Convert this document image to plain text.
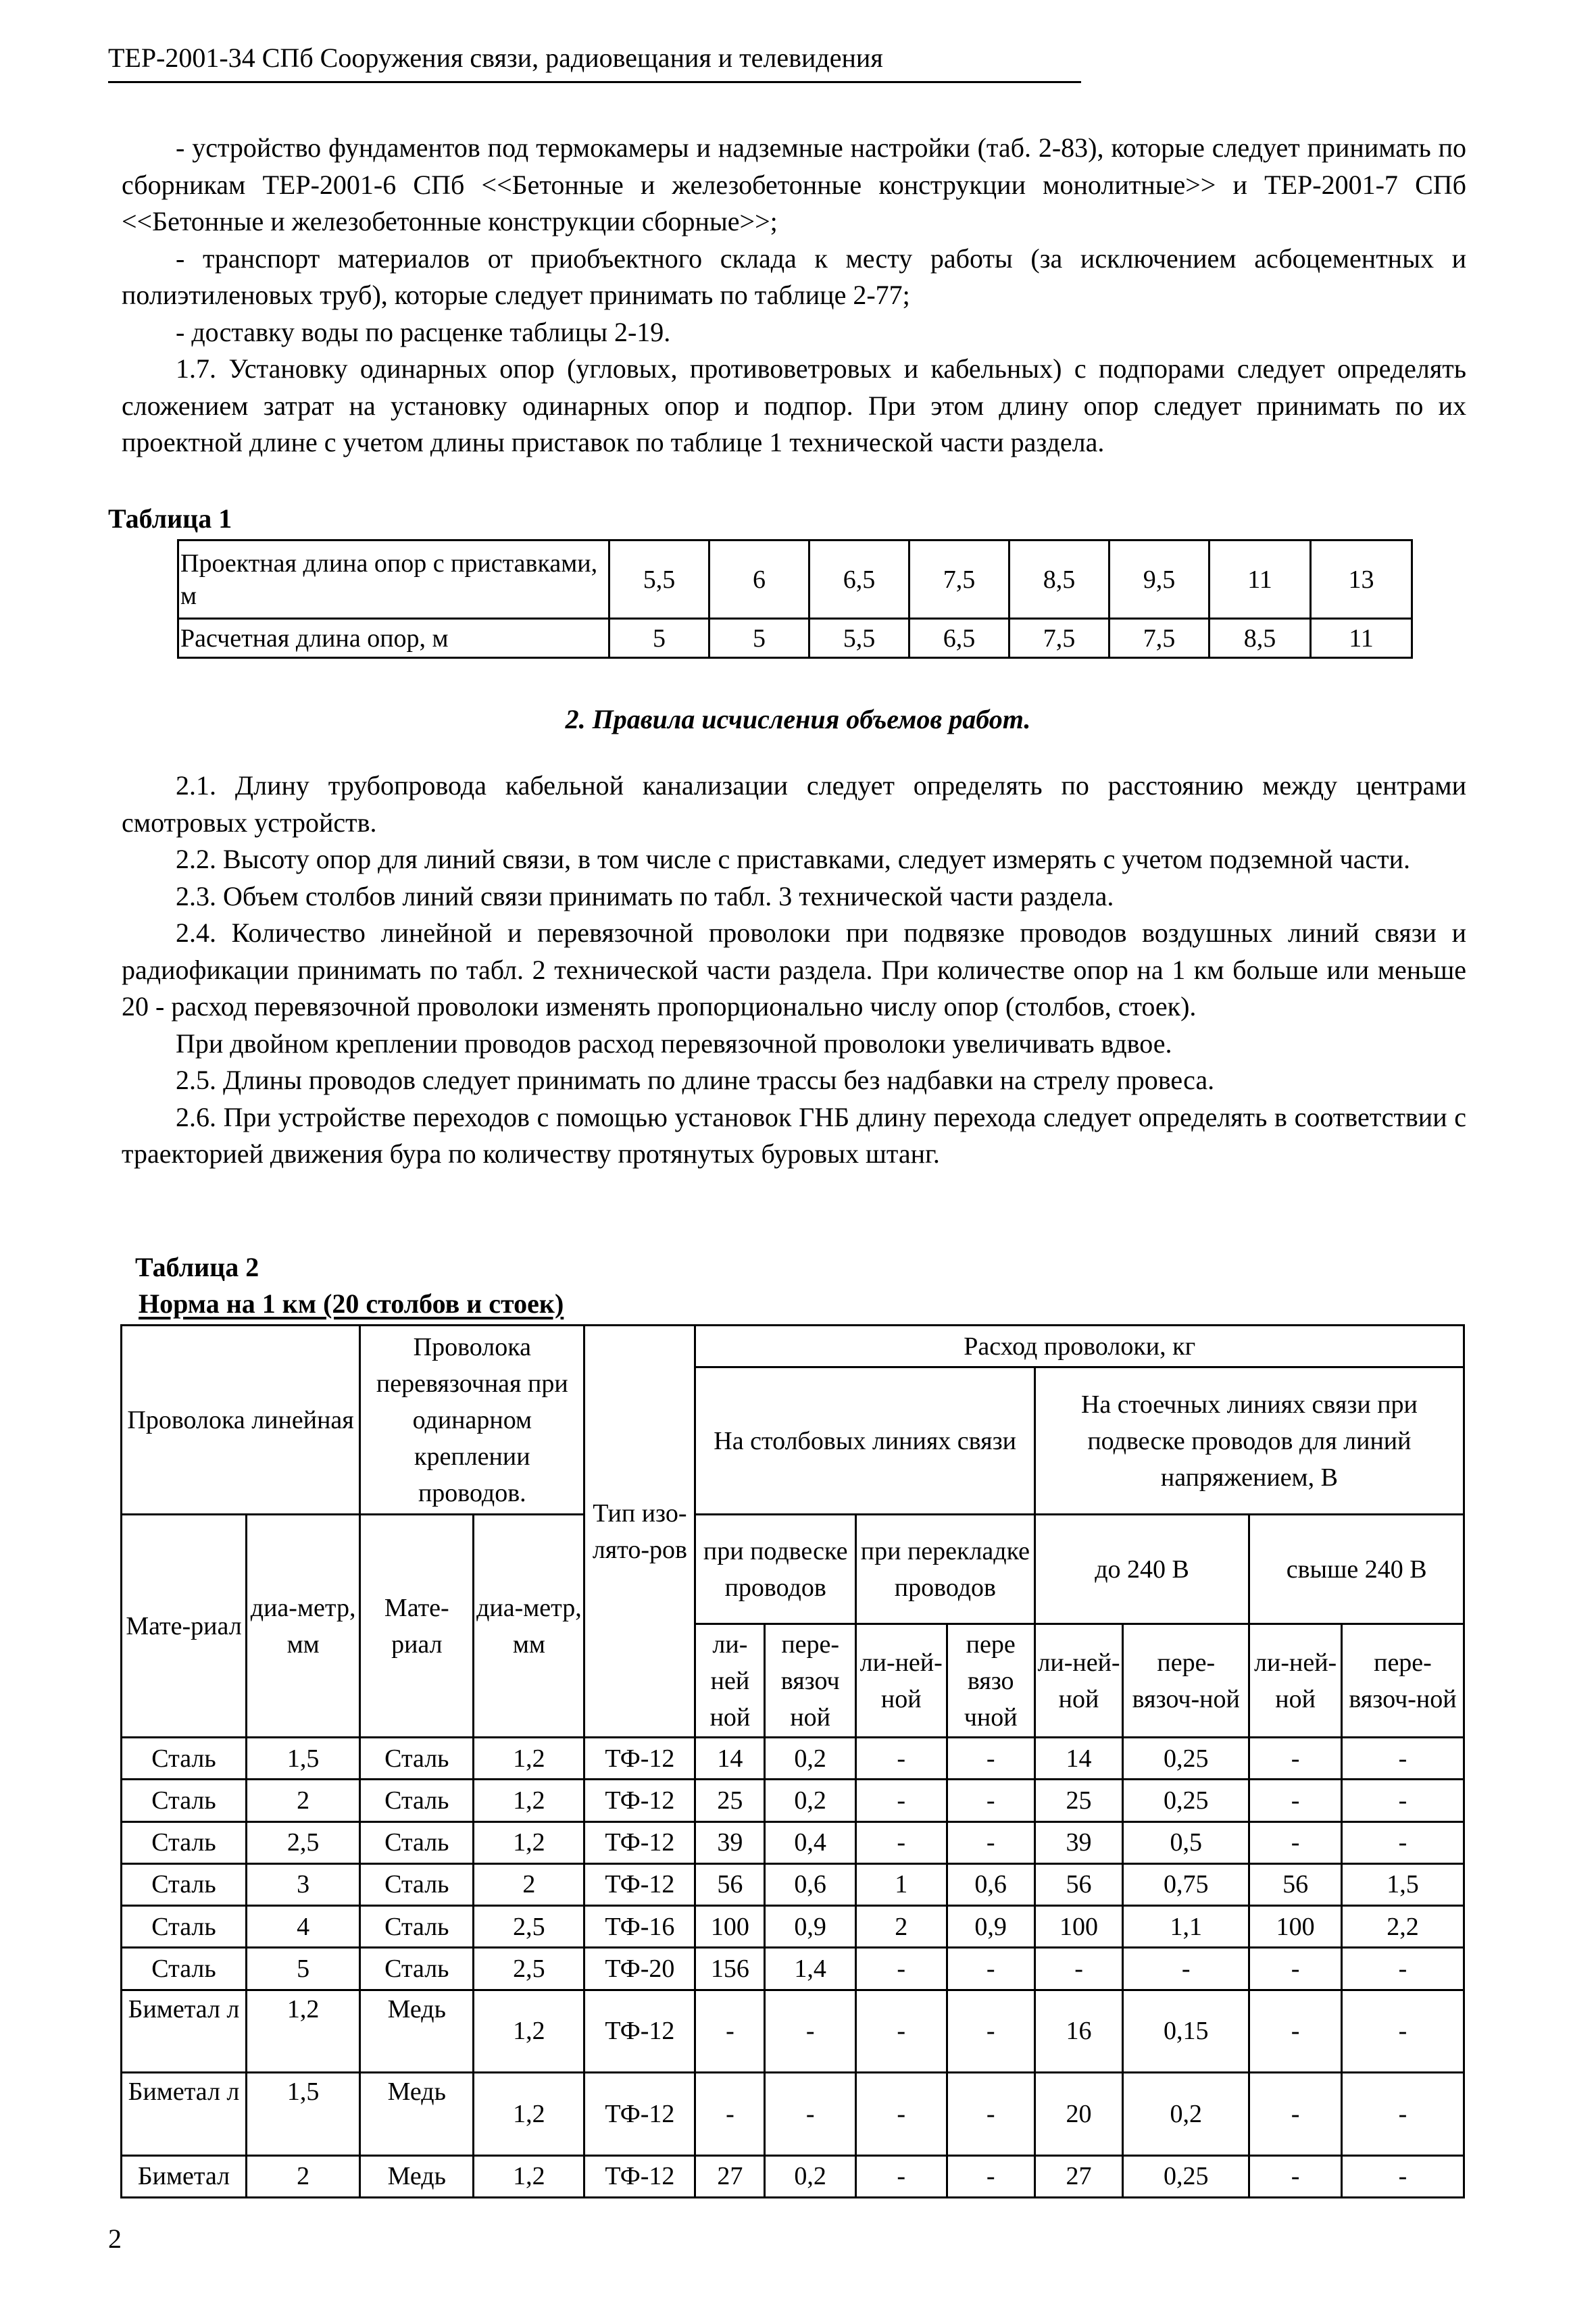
ТЕР-2001-34 СПб Сооружения связи, радиовещания и телевидения

- устройство фундаментов под термокамеры и надземные настройки (таб. 2-83), которые следует принимать по сборникам ТЕР-2001-6 СПб <<Бетонные и железобетонные конструкции монолитные>> и ТЕР-2001-7 СПб <<Бетонные и железобетонные конструкции сборные>>;

- транспорт материалов от приобъектного склада к месту работы (за исключением асбоцементных и полиэтиленовых труб), которые следует принимать по таблице 2-77;

- доставку воды по расценке таблицы 2-19.

1.7. Установку одинарных опор (угловых, противоветровых и кабельных) с подпорами следует определять сложением затрат на установку одинарных опор и подпор. При этом длину опор следует принимать по их проектной длине с учетом длины приставок по таблице 1 технической части раздела.

Таблица 1
Проектная длина опор с приставками, м	5,5	6	6,5	7,5	8,5	9,5	11	13
Расчетная длина опор, м	5	5	5,5	6,5	7,5	7,5	8,5	11
2. Правила исчисления объемов работ.

2.1. Длину трубопровода кабельной канализации следует определять по расстоянию между центрами смотровых устройств.

2.2. Высоту опор для линий связи, в том числе с приставками, следует измерять с учетом подземной части.

2.3. Объем столбов линий связи принимать по табл. 3 технической части раздела.

2.4. Количество линейной и перевязочной проволоки при подвязке проводов воздушных линий связи и радиофикации принимать по табл. 2 технической части раздела. При количестве опор на 1 км больше или меньше 20 - расход перевязочной проволоки изменять пропорционально числу опор (столбов, стоек).

При двойном креплении проводов расход перевязочной проволоки увеличивать вдвое.

2.5. Длины проводов следует принимать по длине трассы без надбавки на стрелу провеса.

2.6. При устройстве переходов с помощью установок ГНБ длину перехода следует определять в соответствии с траекторией движения бура по количеству протянутых буровых штанг.

Таблица 2
Норма на 1 км (20 столбов и стоек)
Проволока линейная		Проволока перевязочная при одинарном креплении проводов.		Тип изо-лято-ров	Расход проволоки, кг							
					На столбовых линиях связи				На стоечных линиях связи при подвеске проводов для линий напряжением, В			
Мате-риал	диа-метр, мм	Мате-риал	диа-метр, мм		при подвеске проводов		при перекладке проводов		до 240 В		свыше 240 В	
					ли-ней ной	пере-вязоч ной	ли-ней-ной	пере вязо чной	ли-ней-ной	пере-вязоч-ной	ли-ней-ной	пере-вязоч-ной
Сталь	1,5	Сталь	1,2	ТФ-12	14	0,2	-	-	14	0,25	-	-
Сталь	2	Сталь	1,2	ТФ-12	25	0,2	-	-	25	0,25	-	-
Сталь	2,5	Сталь	1,2	ТФ-12	39	0,4	-	-	39	0,5	-	-
Сталь	3	Сталь	2	ТФ-12	56	0,6	1	0,6	56	0,75	56	1,5
Сталь	4	Сталь	2,5	ТФ-16	100	0,9	2	0,9	100	1,1	100	2,2
Сталь	5	Сталь	2,5	ТФ-20	156	1,4	-	-	-	-	-	-
Биметал л	1,2	Медь	1,2	ТФ-12	-	-	-	-	16	0,15	-	-
Биметал л	1,5	Медь	1,2	ТФ-12	-	-	-	-	20	0,2	-	-
Биметал	2	Медь	1,2	ТФ-12	27	0,2	-	-	27	0,25	-	-
2
